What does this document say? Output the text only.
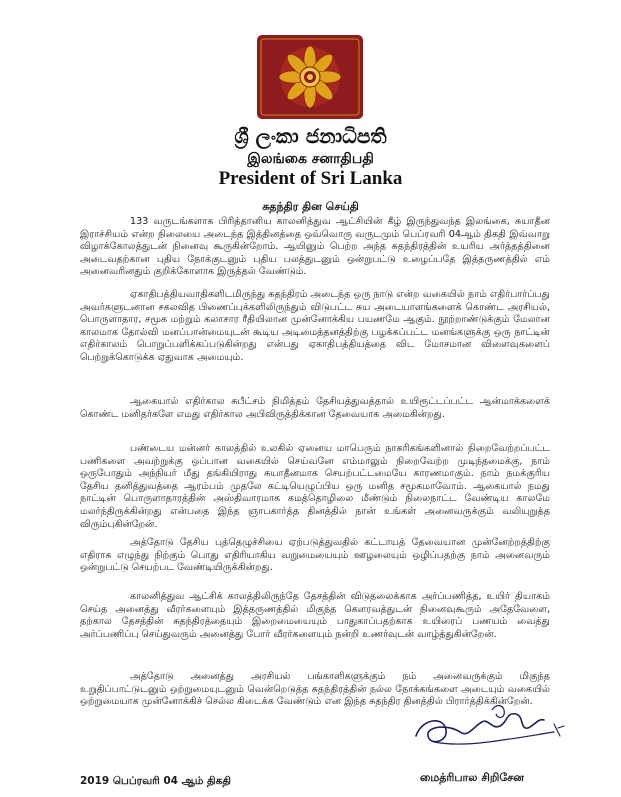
ශ්‍රී ලංකා ජනාධිපති
இலங்கை சனாதிபதி
President of Sri Lanka
சுதந்திர தின செய்தி

133 வருடங்களாக பிரித்தானிய காலனித்துவ ஆட்சியின் கீழ் இருந்துவந்த இலங்கை, சுயாதீன இராச்சியம் என்ற நிலையை அடைந்த இத்தினத்தை ஒவ்வொரு வருடமும் பெப்ரவரி 04ஆம் திகதி இவ்வாறு விழாக்கோலத்துடன் நினைவு கூருகின்றோம். ஆயினும் பெற்ற அந்த சுதந்திரத்தின் உயரிய அர்த்தத்தினை அடைவதற்கான புதிய நோக்குடனும் புதிய பலத்துடனும் ஒன்றுபட்டு உழைப்பதே இத்தருணத்தில் எம் அனைவரினதும் குறிக்கோளாக இருத்தல் வேண்டும்.

ஏகாதிபத்தியவாதிகளிடமிருந்து சுதந்திரம் அடைந்த ஒரு நாடு என்ற வகையில் நாம் எதிர்பார்ப்பது அவர்களுடனான சகலவித பிணைப்புக்களிலிருந்தும் விடுபட்ட சுய அடையாளங்களைக் கொண்ட அரசியல், பொருளாதார, சமூக மற்றும் கலாசார ரீதியிலான முன்னோக்கிய பயணமே ஆகும். நூற்றாண்டுக்கும் மேலான காலமாக தோல்வி மனப்பான்மையுடன் கூடிய அடிமைத்தனத்திற்கு பழக்கப்பட்ட மனங்களுக்கு ஒரு நாட்டின் எதிர்காலம் பொறுப்பளிக்கப்படுகின்றது என்பது ஏகாதிபத்தியத்தை விட மோசமான விளைவுகளைப் பெற்றுக்கொடுக்க ஏதுவாக அமையும்.

ஆகையால் எதிர்கால சுபீட்சம் நிமித்தம் தேசியத்துவத்தால் உயிரூட்டப்பட்ட ஆன்மாக்களைக் கொண்ட மனிதர்களே எமது எதிர்கால அபிவிருத்திக்கான தேவையாக அமைகின்றது.

பண்டைய மன்னர் காலத்தில் உலகில் ஏனைய மாபெரும் நாகரிகங்களினால் நிறைவேற்றப்பட்ட பணிகளை அவற்றுக்கு ஒப்பான வகையில் செய்வனே எம்மாலும் நிறைவேற்ற முடிந்தமைக்கு, நாம் ஒருபோதும் அந்நியர் மீது தங்கியிராது சுயாதீனமாக செயற்பட்டமையே காரணமாகும். நாம் நமக்குரிய தேசிய தனித்துவத்தை ஆரம்பம் முதலே கட்டியெழுப்பிய ஒரு மனித சமூகமாவோம். ஆகையால் நமது நாட்டின் பொருளாதாரத்தின் அஸ்திவாரமாக கமத்தொழிலை மீண்டும் நிலைநாட்ட வேண்டிய காலமே மலர்ந்திருக்கின்றது என்பதை இந்த ஞாபகார்த்த தினத்தில் நான் உங்கள் அனைவருக்கும் வலியுறுத்த விரும்புகின்றேன்.

அத்தோடு தேசிய புத்தெழுச்சியை ஏற்படுத்துவதில் கட்டாயத் தேவையான முன்னேற்றத்திற்கு எதிராக எழுந்து நிற்கும் பொது எதிரியாகிய வறுமையையும் ஊழலையும் ஒழிப்பதற்கு நாம் அனைவரும் ஒன்றுபட்டு செயற்பட வேண்டியிருக்கின்றது.

காலனித்துவ ஆட்சிக் காலத்திலிருந்தே தேசத்தின் விடுதலைக்காக அர்ப்பணித்த, உயிர் தியாகம் செய்த அனைத்து வீரர்களையும் இத்தருணத்தில் மிகுந்த கௌரவத்துடன் நினைவுகூரும் அதேவேளை, தற்கால தேசத்தின் சுதந்திரத்தையும் இறைமையையும் பாதுகாப்பதற்காக உயிரைப் பணயம் வைத்து அர்ப்பணிப்பு செய்துவரும் அனைத்து போர் வீரர்களையும் நன்றி உணர்வுடன் வாழ்த்துகின்றேன்.

அத்தோடு அனைத்து அரசியல் பங்காளிகளுக்கும் நம் அனைவருக்கும் மிகுந்த உறுதிப்பாட்டுடனும் ஒற்றுமையுடனும் வென்றெடுத்த சுதந்திரத்தின் நல்ல நோக்கங்களை அடையும் வகையில் ஒற்றுமையாக முன்னோக்கிச் செல்ல கிடைக்க வேண்டும் என இந்த சுதந்திர தினத்தில் பிரார்த்திக்கின்றேன்.

மைத்ரிபால சிறிசேன
2019 பெப்ரவரி 04 ஆம் திகதி
